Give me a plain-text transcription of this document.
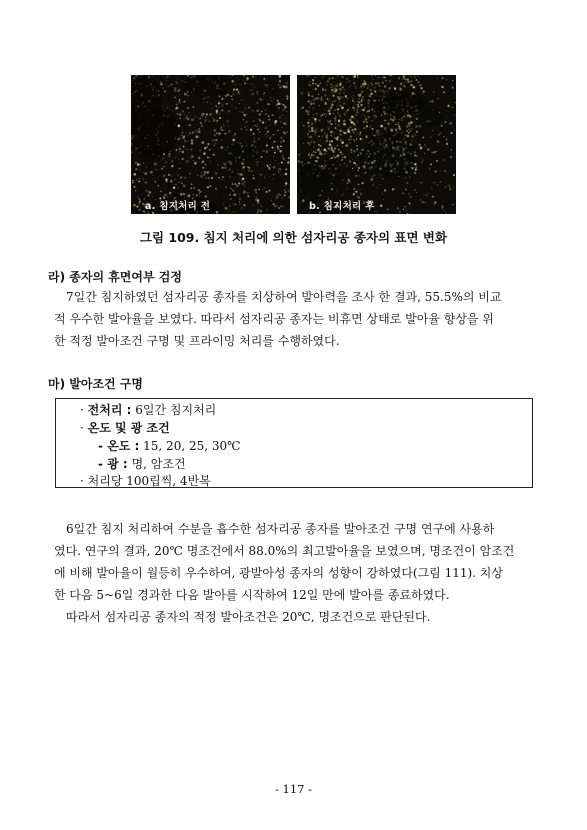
a. 침지처리 전	b. 침지처리 후
그림 109. 침지 처리에 의한 섬자리공 종자의 표면 변화
라) 종자의 휴면여부 검정

7일간 침지하였던 섬자리공 종자를 치상하여 발아력을 조사 한 결과, 55.5%의 비교
적 우수한 발아율을 보였다. 따라서 섬자리공 종자는 비휴면 상태로 발아율 향상을 위
한 적정 발아조건 구명 및 프라이밍 처리를 수행하였다.

마) 발아조건 구명
· 전처리 : 6일간 침지처리
· 온도 및 광 조건
- 온도 : 15, 20, 25, 30℃
- 광 : 명, 암조건
· 처리당 100립씩, 4반복

6일간 침지 처리하여 수분을 흡수한 섬자리공 종자를 발아조건 구명 연구에 사용하
였다. 연구의 결과, 20℃ 명조건에서 88.0%의 최고발아율을 보였으며, 명조건이 암조건
에 비해 발아율이 월등히 우수하여, 광발아성 종자의 성향이 강하였다(그림 111). 치상
한 다음 5~6일 경과한 다음 발아를 시작하여 12일 만에 발아를 종료하였다.
따라서 섬자리공 종자의 적정 발아조건은 20℃, 명조건으로 판단된다.

- 117 -
